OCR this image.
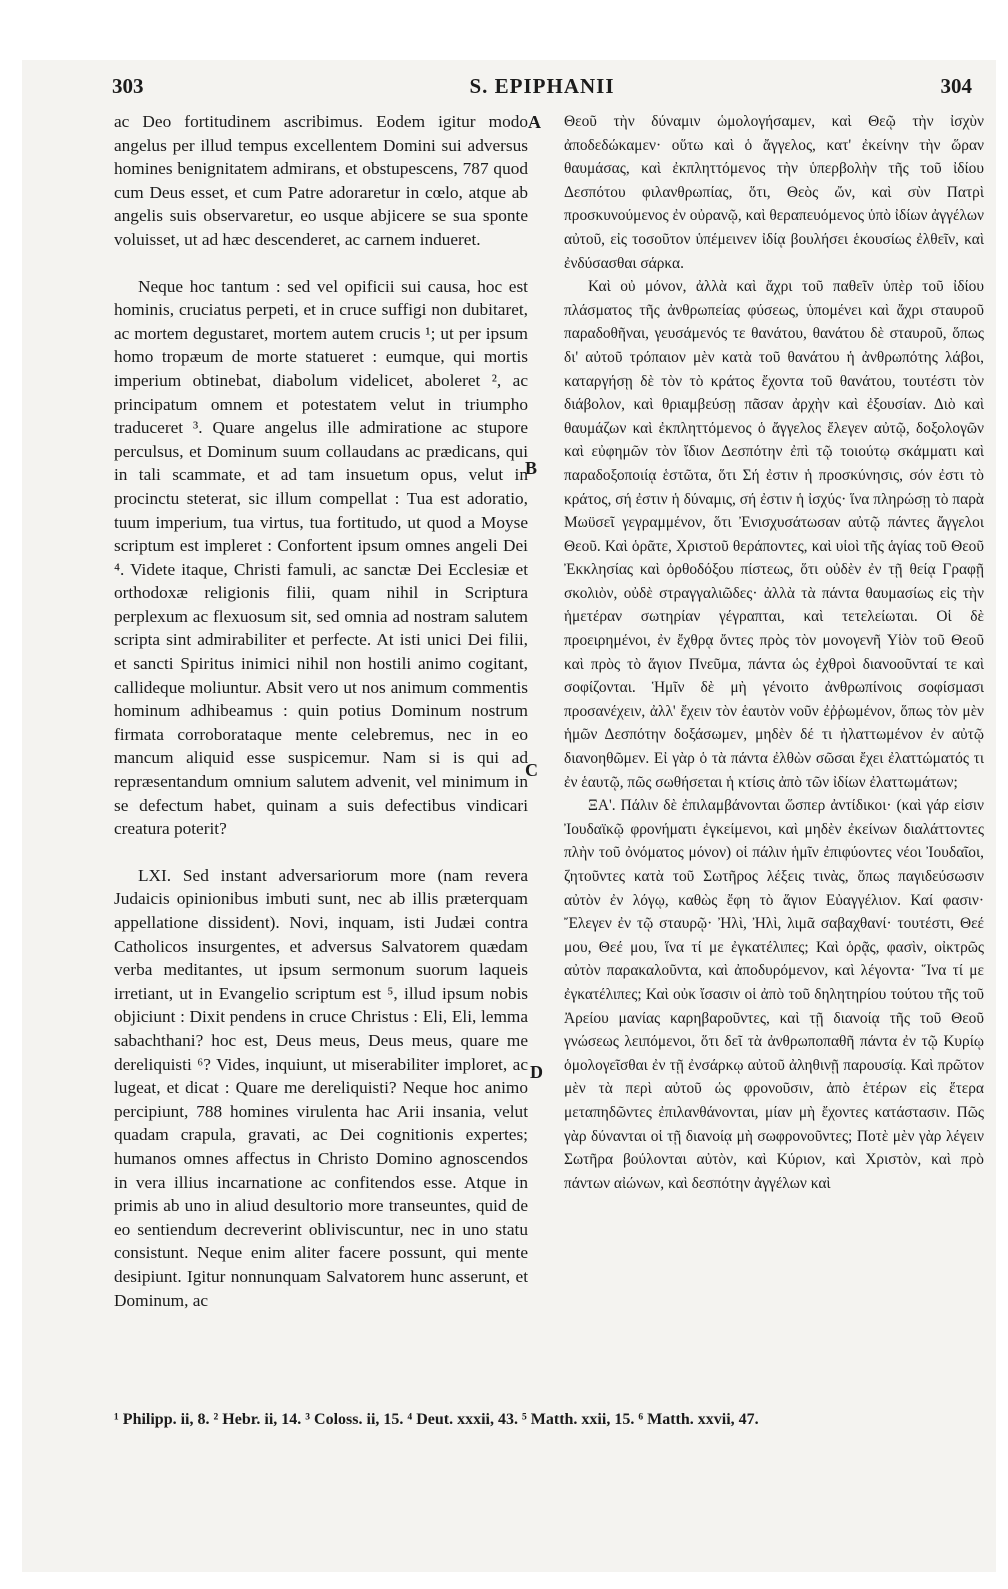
303	S. EPIPHANII	304

ac Deo fortitudinem ascribimus. Eodem igitur modo angelus per illud tempus excellentem Domini sui adversus homines benignitatem admirans, et obstupescens, 787 quod cum Deus esset, et cum Patre adoraretur in cœlo, atque ab angelis suis observaretur, eo usque abjicere se sua sponte voluisset, ut ad hæc descenderet, ac carnem indueret.

Neque hoc tantum : sed vel opificii sui causa, hoc est hominis, cruciatus perpeti, et in cruce suffigi non dubitaret, ac mortem degustaret, mortem autem crucis ¹; ut per ipsum homo tropæum de morte statueret : eumque, qui mortis imperium obtinebat, diabolum videlicet, aboleret ², ac principatum omnem et potestatem velut in triumpho traduceret ³. Quare angelus ille admiratione ac stupore perculsus, et Dominum suum collaudans ac prædicans, qui in tali scammate, et ad tam insuetum opus, velut in procinctu steterat, sic illum compellat : Tua est adoratio, tuum imperium, tua virtus, tua fortitudo, ut quod a Moyse scriptum est impleret : Confortent ipsum omnes angeli Dei ⁴. Videte itaque, Christi famuli, ac sanctæ Dei Ecclesiæ et orthodoxæ religionis filii, quam nihil in Scriptura perplexum ac flexuosum sit, sed omnia ad nostram salutem scripta sint admirabiliter et perfecte. At isti unici Dei filii, et sancti Spiritus inimici nihil non hostili animo cogitant, callideque moliuntur. Absit vero ut nos animum commentis hominum adhibeamus : quin potius Dominum nostrum firmata corroborataque mente celebremus, nec in eo mancum aliquid esse suspicemur. Nam si is qui ad repræsentandum omnium salutem advenit, vel minimum in se defectum habet, quinam a suis defectibus vindicari creatura poterit?

LXI. Sed instant adversariorum more (nam revera Judaicis opinionibus imbuti sunt, nec ab illis præterquam appellatione dissident). Novi, inquam, isti Judæi contra Catholicos insurgentes, et adversus Salvatorem quædam verba meditantes, ut ipsum sermonum suorum laqueis irretiant, ut in Evangelio scriptum est ⁵, illud ipsum nobis objiciunt : Dixit pendens in cruce Christus : Eli, Eli, lemma sabachthani? hoc est, Deus meus, Deus meus, quare me dereliquisti ⁶? Vides, inquiunt, ut miserabiliter imploret, ac lugeat, et dicat : Quare me dereliquisti? Neque hoc animo percipiunt, 788 homines virulenta hac Arii insania, velut quadam crapula, gravati, ac Dei cognitionis expertes; humanos omnes affectus in Christo Domino agnoscendos in vera illius incarnatione ac confitendos esse. Atque in primis ab uno in aliud desultorio more transeuntes, quid de eo sentiendum decreverint obliviscuntur, nec in uno statu consistunt. Neque enim aliter facere possunt, qui mente desipiunt. Igitur nonnunquam Salvatorem hunc asserunt, et Dominum, ac

A
B
C
D

Θεοῦ τὴν δύναμιν ὡμολογήσαμεν, καὶ Θεῷ τὴν ἰσχὺν ἀποδεδώκαμεν· οὕτω καὶ ὁ ἄγγελος, κατ' ἐκείνην τὴν ὥραν θαυμάσας, καὶ ἐκπληττόμενος τὴν ὑπερβολὴν τῆς τοῦ ἰδίου Δεσπότου φιλανθρωπίας, ὅτι, Θεὸς ὤν, καὶ σὺν Πατρὶ προσκυνούμενος ἐν οὐρανῷ, καὶ θεραπευόμενος ὑπὸ ἰδίων ἀγγέλων αὐτοῦ, εἰς τοσοῦτον ὑπέμεινεν ἰδίᾳ βουλήσει ἑκουσίως ἐλθεῖν, καὶ ἐνδύσασθαι σάρκα.

Καὶ οὐ μόνον, ἀλλὰ καὶ ἄχρι τοῦ παθεῖν ὑπὲρ τοῦ ἰδίου πλάσματος τῆς ἀνθρωπείας φύσεως, ὑπομένει καὶ ἄχρι σταυροῦ παραδοθῆναι, γευσάμενός τε θανάτου, θανάτου δὲ σταυροῦ, ὅπως δι' αὐτοῦ τρόπαιον μὲν κατὰ τοῦ θανάτου ἡ ἀνθρωπότης λάβοι, καταργήσῃ δὲ τὸν τὸ κράτος ἔχοντα τοῦ θανάτου, τουτέστι τὸν διάβολον, καὶ θριαμβεύσῃ πᾶσαν ἀρχὴν καὶ ἐξουσίαν. Διὸ καὶ θαυμάζων καὶ ἐκπληττόμενος ὁ ἄγγελος ἔλεγεν αὐτῷ, δοξολογῶν καὶ εὐφημῶν τὸν ἴδιον Δεσπότην ἐπὶ τῷ τοιούτῳ σκάμματι καὶ παραδοξοποιίᾳ ἑστῶτα, ὅτι Σή ἐστιν ἡ προσκύνησις, σόν ἐστι τὸ κράτος, σή ἐστιν ἡ δύναμις, σή ἐστιν ἡ ἰσχύς· ἵνα πληρώσῃ τὸ παρὰ Μωϋσεῖ γεγραμμένον, ὅτι Ἐνισχυσάτωσαν αὐτῷ πάντες ἄγγελοι Θεοῦ. Καὶ ὁρᾶτε, Χριστοῦ θεράποντες, καὶ υἱοὶ τῆς ἁγίας τοῦ Θεοῦ Ἐκκλησίας καὶ ὀρθοδόξου πίστεως, ὅτι οὐδὲν ἐν τῇ θείᾳ Γραφῇ σκολιὸν, οὐδὲ στραγγαλιῶδες· ἀλλὰ τὰ πάντα θαυμασίως εἰς τὴν ἡμετέραν σωτηρίαν γέγραπται, καὶ τετελείωται. Οἱ δὲ προειρημένοι, ἐν ἔχθρᾳ ὄντες πρὸς τὸν μονογενῆ Υἱὸν τοῦ Θεοῦ καὶ πρὸς τὸ ἅγιον Πνεῦμα, πάντα ὡς ἐχθροὶ διανοοῦνταί τε καὶ σοφίζονται. Ἡμῖν δὲ μὴ γένοιτο ἀνθρωπίνοις σοφίσμασι προσανέχειν, ἀλλ' ἔχειν τὸν ἑαυτὸν νοῦν ἐῤῥωμένον, ὅπως τὸν μὲν ἡμῶν Δεσπότην δοξάσωμεν, μηδὲν δέ τι ἠλαττωμένον ἐν αὐτῷ διανοηθῶμεν. Εἰ γὰρ ὁ τὰ πάντα ἐλθὼν σῶσαι ἔχει ἐλαττώματός τι ἐν ἑαυτῷ, πῶς σωθήσεται ἡ κτίσις ἀπὸ τῶν ἰδίων ἐλαττωμάτων;

ΞΑ'. Πάλιν δὲ ἐπιλαμβάνονται ὥσπερ ἀντίδικοι· (καὶ γάρ εἰσιν Ἰουδαϊκῷ φρονήματι ἐγκείμενοι, καὶ μηδὲν ἐκείνων διαλάττοντες πλὴν τοῦ ὀνόματος μόνον) οἱ πάλιν ἡμῖν ἐπιφύοντες νέοι Ἰουδαῖοι, ζητοῦντες κατὰ τοῦ Σωτῆρος λέξεις τινὰς, ὅπως παγιδεύσωσιν αὐτὸν ἐν λόγῳ, καθὼς ἔφη τὸ ἅγιον Εὐαγγέλιον. Καί φασιν· Ἔλεγεν ἐν τῷ σταυρῷ· Ἠλὶ, Ἠλὶ, λιμᾶ σαβαχθανί· τουτέστι, Θεέ μου, Θεέ μου, ἵνα τί με ἐγκατέλιπες; Καὶ ὁρᾷς, φασὶν, οἰκτρῶς αὐτὸν παρακαλοῦντα, καὶ ἀποδυρόμενον, καὶ λέγοντα· Ἵνα τί με ἐγκατέλιπες; Καὶ οὐκ ἴσασιν οἱ ἀπὸ τοῦ δηλητηρίου τούτου τῆς τοῦ Ἀρείου μανίας καρηβαροῦντες, καὶ τῇ διανοίᾳ τῆς τοῦ Θεοῦ γνώσεως λειπόμενοι, ὅτι δεῖ τὰ ἀνθρωποπαθῆ πάντα ἐν τῷ Κυρίῳ ὁμολογεῖσθαι ἐν τῇ ἐνσάρκῳ αὐτοῦ ἀληθινῇ παρουσίᾳ. Καὶ πρῶτον μὲν τὰ περὶ αὐτοῦ ὡς φρονοῦσιν, ἀπὸ ἑτέρων εἰς ἕτερα μεταπηδῶντες ἐπιλανθάνονται, μίαν μὴ ἔχοντες κατάστασιν. Πῶς γὰρ δύνανται οἱ τῇ διανοίᾳ μὴ σωφρονοῦντες; Ποτὲ μὲν γὰρ λέγειν Σωτῆρα βούλονται αὐτὸν, καὶ Κύριον, καὶ Χριστὸν, καὶ πρὸ πάντων αἰώνων, καὶ δεσπότην ἀγγέλων καὶ

¹ Philipp. ii, 8. ² Hebr. ii, 14. ³ Coloss. ii, 15. ⁴ Deut. xxxii, 43. ⁵ Matth. xxii, 15. ⁶ Matth. xxvii, 47.
